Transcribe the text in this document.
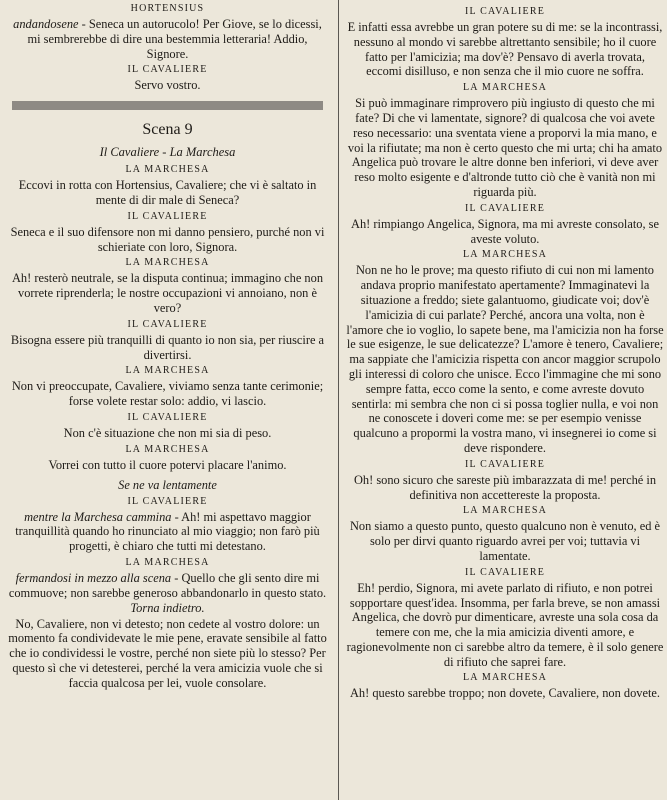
HORTENSIUS
andandosene - Seneca un autorucolo! Per Giove, se lo dicessi, mi sembrerebbe di dire una bestemmia letteraria! Addio, Signore.
IL CAVALIERE
Servo vostro.
Scena 9
Il Cavaliere - La Marchesa
LA MARCHESA
Eccovi in rotta con Hortensius, Cavaliere; che vi è saltato in mente di dir male di Seneca?
IL CAVALIERE
Seneca e il suo difensore non mi danno pensiero, purché non vi schieriate con loro, Signora.
LA MARCHESA
Ah! resterò neutrale, se la disputa continua; immagino che non vorrete riprenderla; le nostre occupazioni vi annoiano, non è vero?
IL CAVALIERE
Bisogna essere più tranquilli di quanto io non sia, per riuscire a divertirsi.
LA MARCHESA
Non vi preoccupate, Cavaliere, viviamo senza tante cerimonie; forse volete restar solo: addio, vi lascio.
IL CAVALIERE
Non c'è situazione che non mi sia di peso.
LA MARCHESA
Vorrei con tutto il cuore potervi placare l'animo.
Se ne va lentamente
IL CAVALIERE
mentre la Marchesa cammina - Ah! mi aspettavo maggior tranquillità quando ho rinunciato al mio viaggio; non farò più progetti, è chiaro che tutti mi detestano.
LA MARCHESA
fermandosi in mezzo alla scena - Quello che gli sento dire mi commuove; non sarebbe generoso abbandonarlo in questo stato.
Torna indietro.
No, Cavaliere, non vi detesto; non cedete al vostro dolore: un momento fa condividevate le mie pene, eravate sensibile al fatto che io condividessi le vostre, perché non siete più lo stesso? Per questo sì che vi detesterei, perché la vera amicizia vuole che si faccia qualcosa per lei, vuole consolare.
IL CAVALIERE
E infatti essa avrebbe un gran potere su di me: se la incontrassi, nessuno al mondo vi sarebbe altrettanto sensibile; ho il cuore fatto per l'amicizia; ma dov'è? Pensavo di averla trovata, eccomi disilluso, e non senza che il mio cuore ne soffra.
LA MARCHESA
Si può immaginare rimprovero più ingiusto di questo che mi fate? Di che vi lamentate, signore? di qualcosa che voi avete reso necessario: una sventata viene a proporvi la mia mano, e voi la rifiutate; ma non è certo questo che mi urta; chi ha amato Angelica può trovare le altre donne ben inferiori, vi deve aver reso molto esigente e d'altronde tutto ciò che è vanità non mi riguarda più.
IL CAVALIERE
Ah! rimpiango Angelica, Signora, ma mi avreste consolato, se aveste voluto.
LA MARCHESA
Non ne ho le prove; ma questo rifiuto di cui non mi lamento andava proprio manifestato apertamente? Immaginatevi la situazione a freddo; siete galantuomo, giudicate voi; dov'è l'amicizia di cui parlate? Perché, ancora una volta, non è l'amore che io voglio, lo sapete bene, ma l'amicizia non ha forse le sue esigenze, le sue delicatezze? L'amore è tenero, Cavaliere; ma sappiate che l'amicizia rispetta con ancor maggior scrupolo gli interessi di coloro che unisce. Ecco l'immagine che mi sono sempre fatta, ecco come la sento, e come avreste dovuto sentirla: mi sembra che non ci si possa toglier nulla, e voi non ne conoscete i doveri come me: se per esempio venisse qualcuno a propormi la vostra mano, vi insegnerei io come si deve rispondere.
IL CAVALIERE
Oh! sono sicuro che sareste più imbarazzata di me! perché in definitiva non accettereste la proposta.
LA MARCHESA
Non siamo a questo punto, questo qualcuno non è venuto, ed è solo per dirvi quanto riguardo avrei per voi; tuttavia vi lamentate.
IL CAVALIERE
Eh! perdio, Signora, mi avete parlato di rifiuto, e non potrei sopportare quest'idea. Insomma, per farla breve, se non amassi Angelica, che dovrò pur dimenticare, avreste una sola cosa da temere con me, che la mia amicizia diventi amore, e ragionevolmente non ci sarebbe altro da temere, è il solo genere di rifiuto che saprei fare.
LA MARCHESA
Ah! questo sarebbe troppo; non dovete, Cavaliere, non dovete.
